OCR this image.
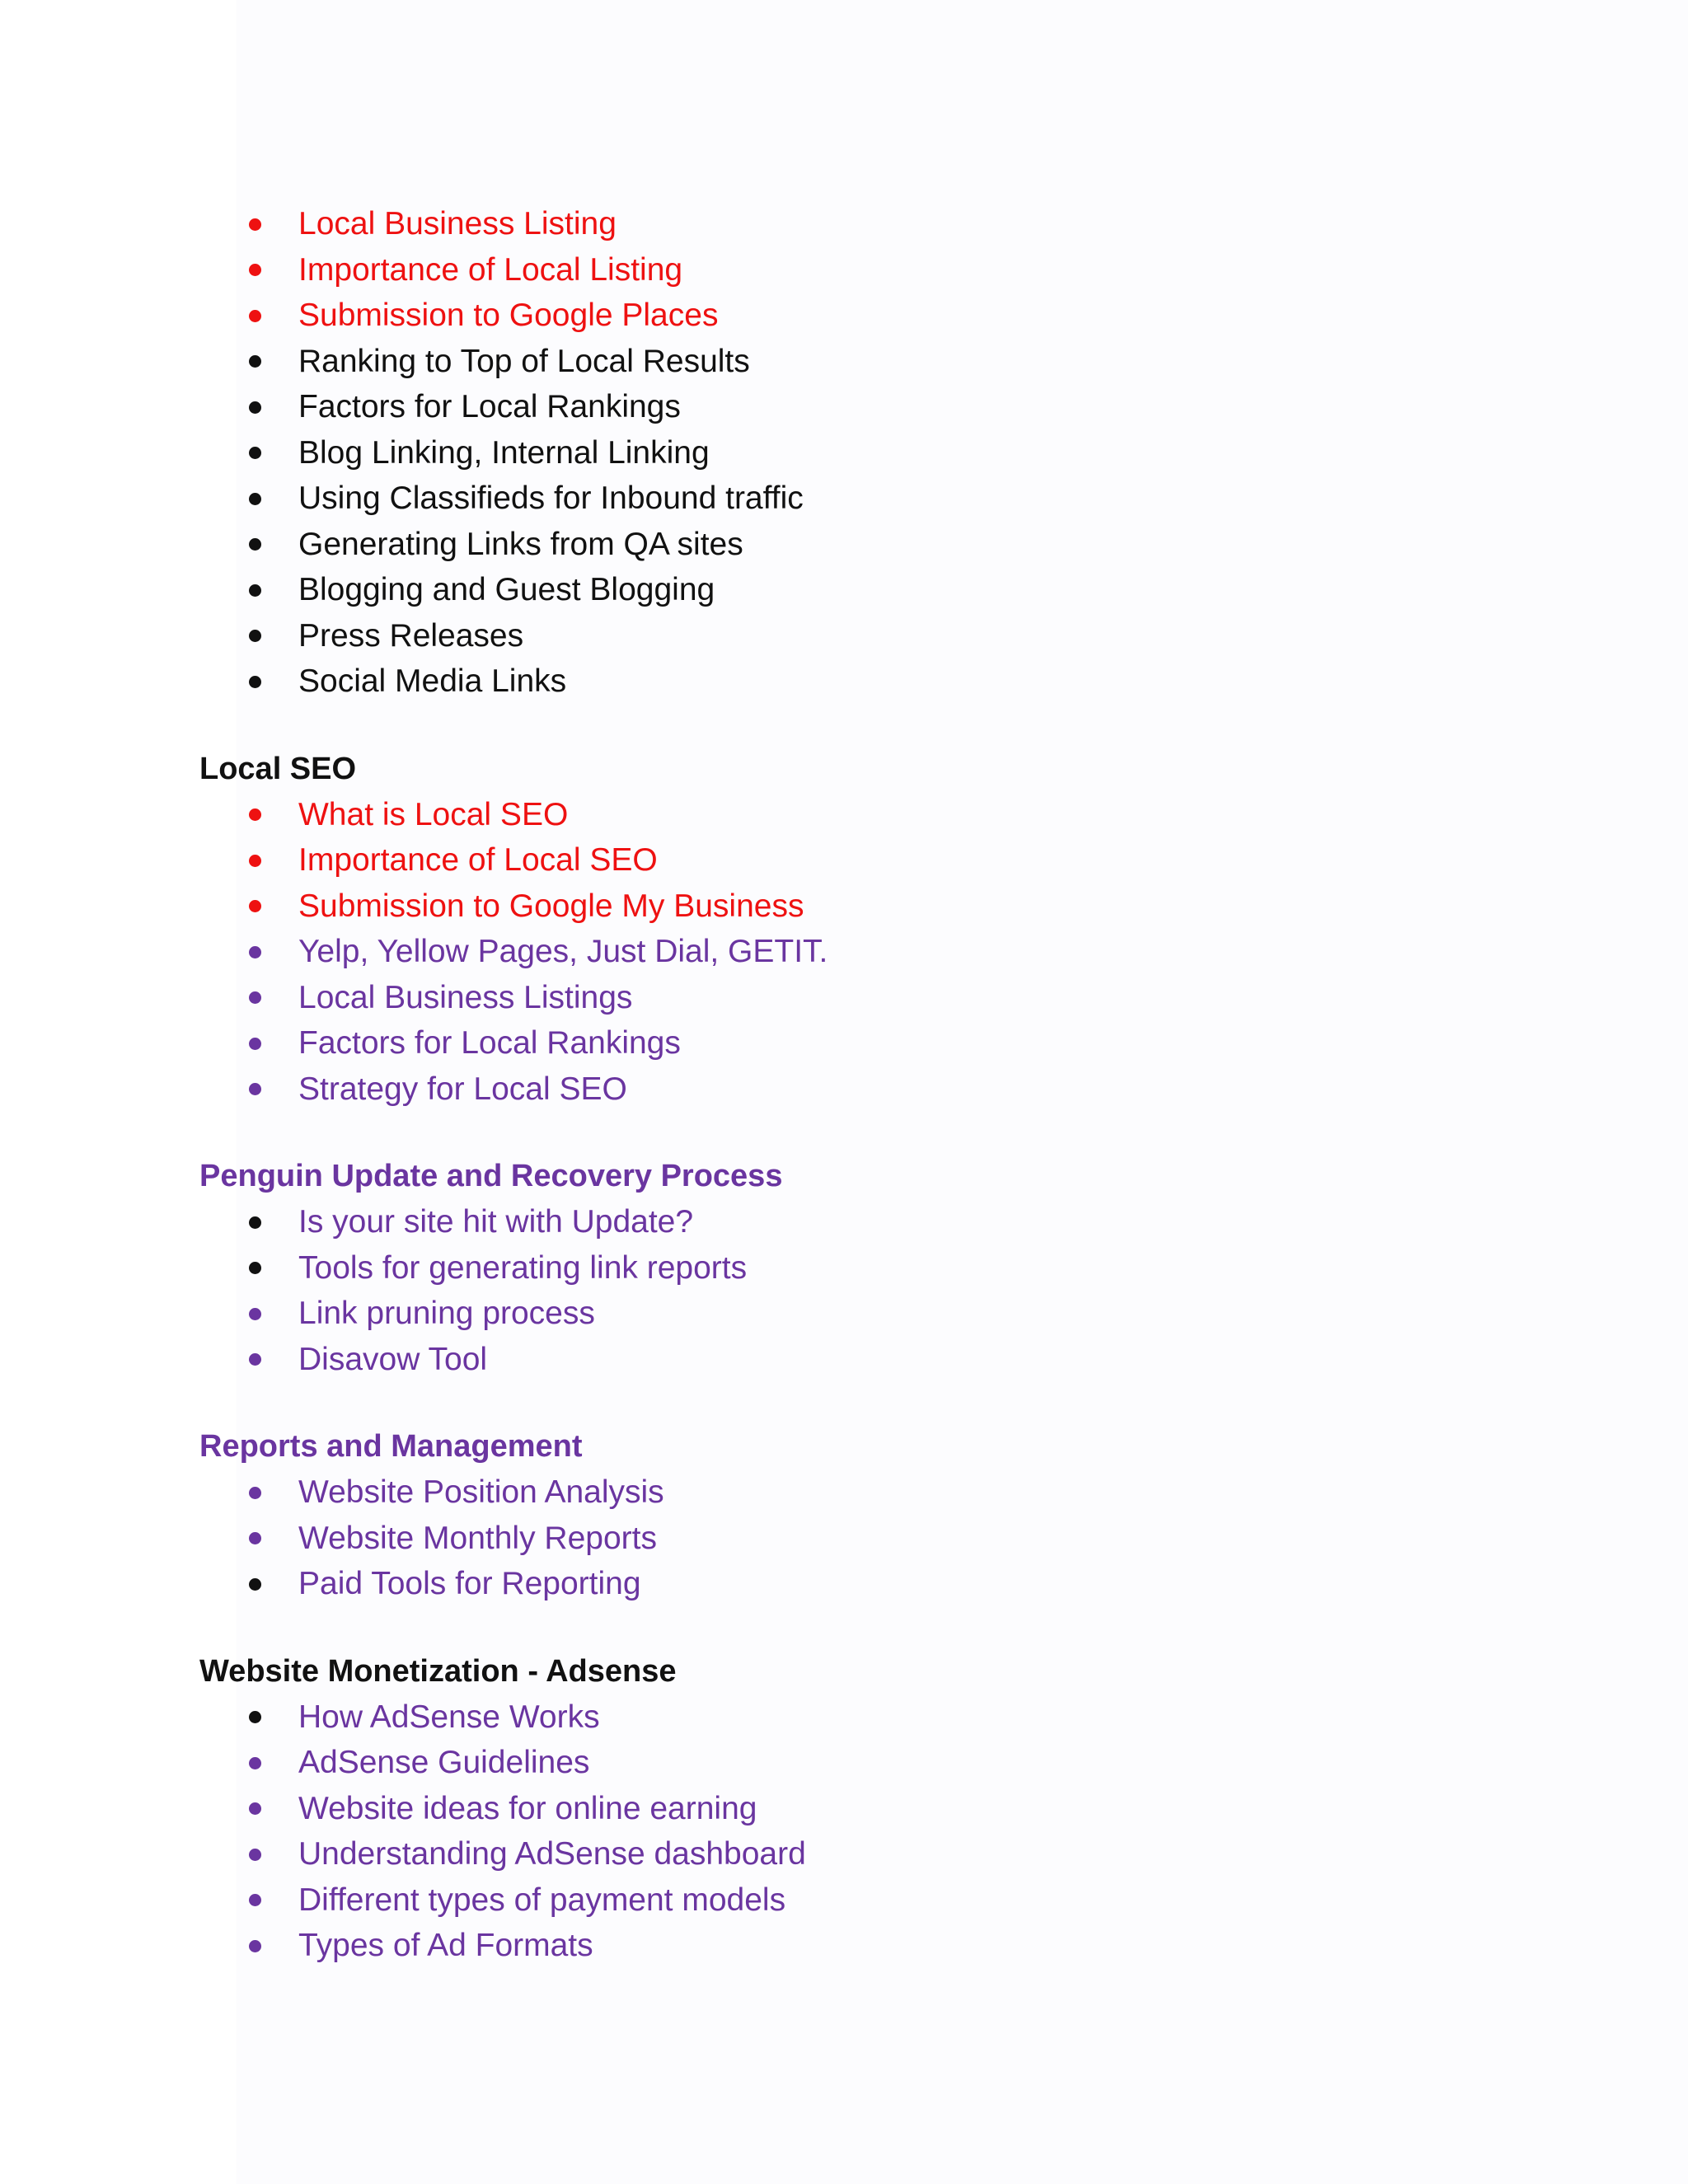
Local Business Listing
Importance of Local Listing
Submission to Google Places
Ranking to Top of Local Results
Factors for Local Rankings
Blog Linking, Internal Linking
Using Classifieds for Inbound traffic
Generating Links from QA sites
Blogging and Guest Blogging
Press Releases
Social Media Links
Local SEO
What is Local SEO
Importance of Local SEO
Submission to Google My Business
Yelp, Yellow Pages, Just Dial, GETIT.
Local Business Listings
Factors for Local Rankings
Strategy for Local SEO
Penguin Update and Recovery Process
Is your site hit with Update?
Tools for generating link reports
Link pruning process
Disavow Tool
Reports and Management
Website Position Analysis
Website Monthly Reports
Paid Tools for Reporting
Website Monetization - Adsense
How AdSense Works
AdSense Guidelines
Website ideas for online earning
Understanding AdSense dashboard
Different types of payment models
Types of Ad Formats
